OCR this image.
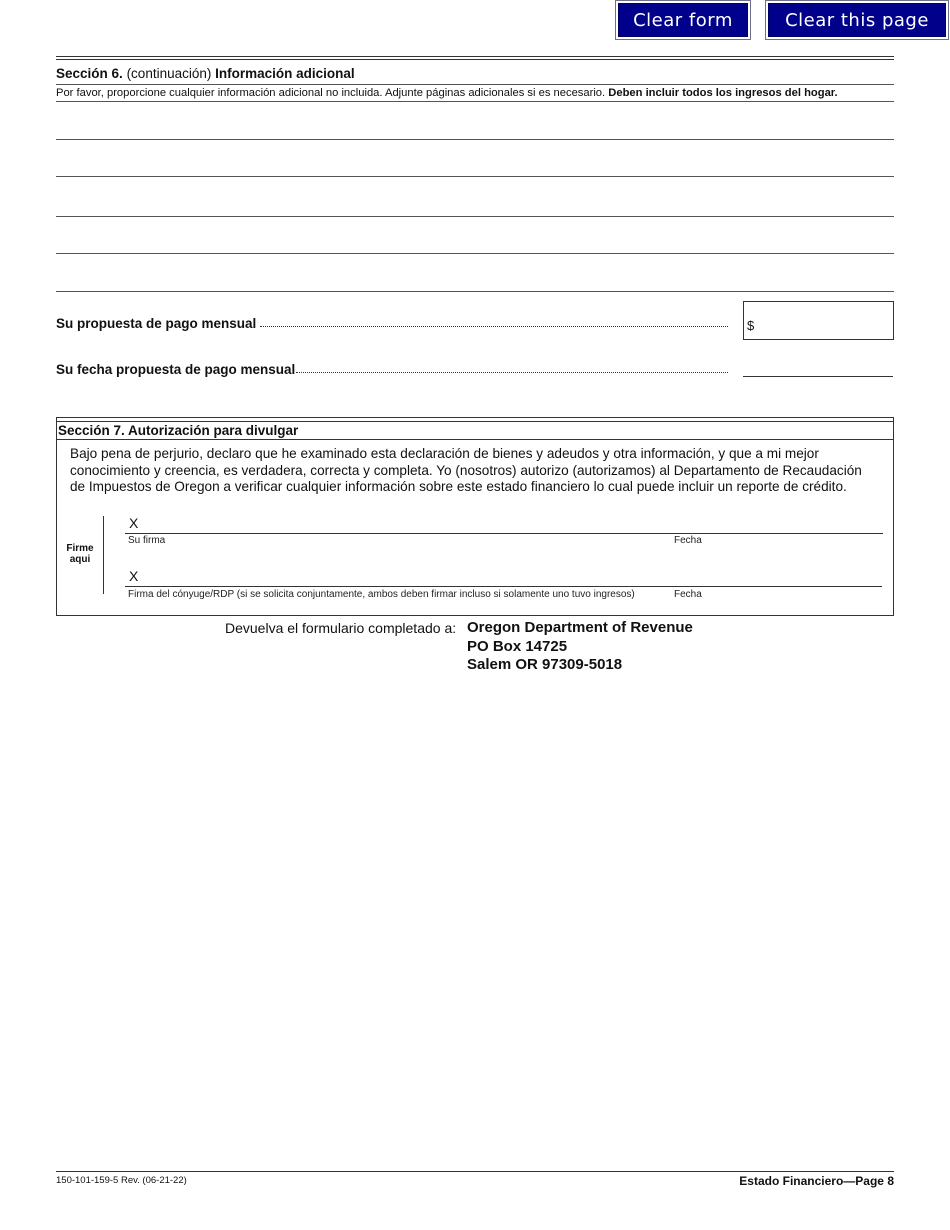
Clear form	Clear this page
Sección 6. (continuación) Información adicional
Por favor, proporcione cualquier información adicional no incluida. Adjunte páginas adicionales si es necesario. Deben incluir todos los ingresos del hogar.
Su propuesta de pago mensual	$
Su fecha propuesta de pago mensual
Sección 7. Autorización para divulgar
Bajo pena de perjurio, declaro que he examinado esta declaración de bienes y adeudos y otra información, y que a mi mejor conocimiento y creencia, es verdadera, correcta y completa. Yo (nosotros) autorizo (autorizamos) al Departamento de Recaudación de Impuestos de Oregon a verificar cualquier información sobre este estado financiero lo cual puede incluir un reporte de crédito.
Firme
aqui
X
Su firma	Fecha
X
Firma del cónyuge/RDP (si se solicita conjuntamente, ambos deben firmar incluso si solamente uno tuvo ingresos)	Fecha
Devuelva el formulario completado a: Oregon Department of Revenue
PO Box 14725
Salem OR 97309-5018
150-101-159-5 Rev. (06-21-22)	Estado Financiero—Page 8
